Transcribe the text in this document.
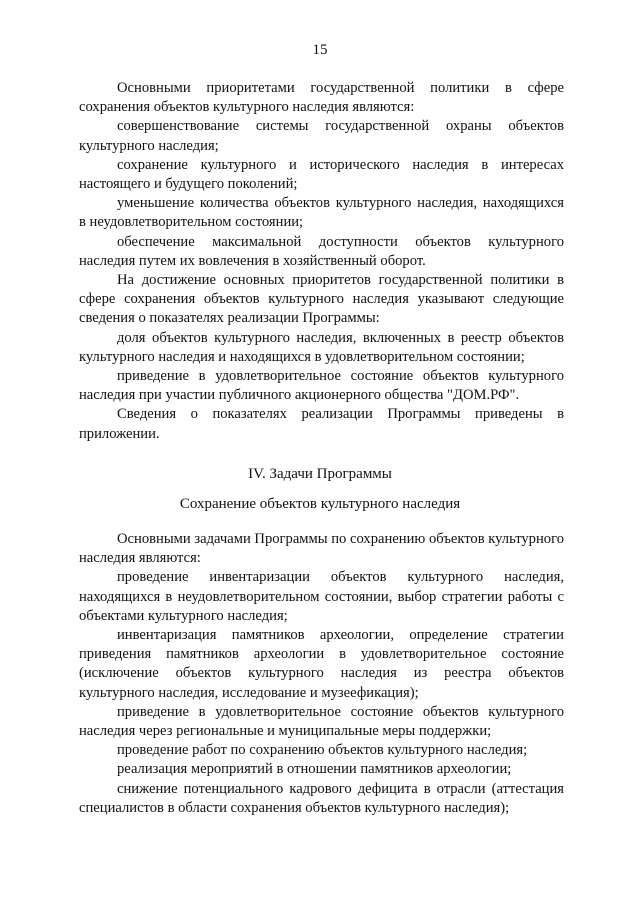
15

Основными приоритетами государственной политики в сфере сохранения объектов культурного наследия являются:

совершенствование системы государственной охраны объектов культурного наследия;

сохранение культурного и исторического наследия в интересах настоящего и будущего поколений;

уменьшение количества объектов культурного наследия, находящихся в неудовлетворительном состоянии;

обеспечение максимальной доступности объектов культурного наследия путем их вовлечения в хозяйственный оборот.

На достижение основных приоритетов государственной политики в сфере сохранения объектов культурного наследия указывают следующие сведения о показателях реализации Программы:

доля объектов культурного наследия, включенных в реестр объектов культурного наследия и находящихся в удовлетворительном состоянии;

приведение в удовлетворительное состояние объектов культурного наследия при участии публичного акционерного общества "ДОМ.РФ".

Сведения о показателях реализации Программы приведены в приложении.

IV. Задачи Программы
Сохранение объектов культурного наследия

Основными задачами Программы по сохранению объектов культурного наследия являются:

проведение инвентаризации объектов культурного наследия, находящихся в неудовлетворительном состоянии, выбор стратегии работы с объектами культурного наследия;

инвентаризация памятников археологии, определение стратегии приведения памятников археологии в удовлетворительное состояние (исключение объектов культурного наследия из реестра объектов культурного наследия, исследование и музеефикация);

приведение в удовлетворительное состояние объектов культурного наследия через региональные и муниципальные меры поддержки;

проведение работ по сохранению объектов культурного наследия;

реализация мероприятий в отношении памятников археологии;

снижение потенциального кадрового дефицита в отрасли (аттестация специалистов в области сохранения объектов культурного наследия);
